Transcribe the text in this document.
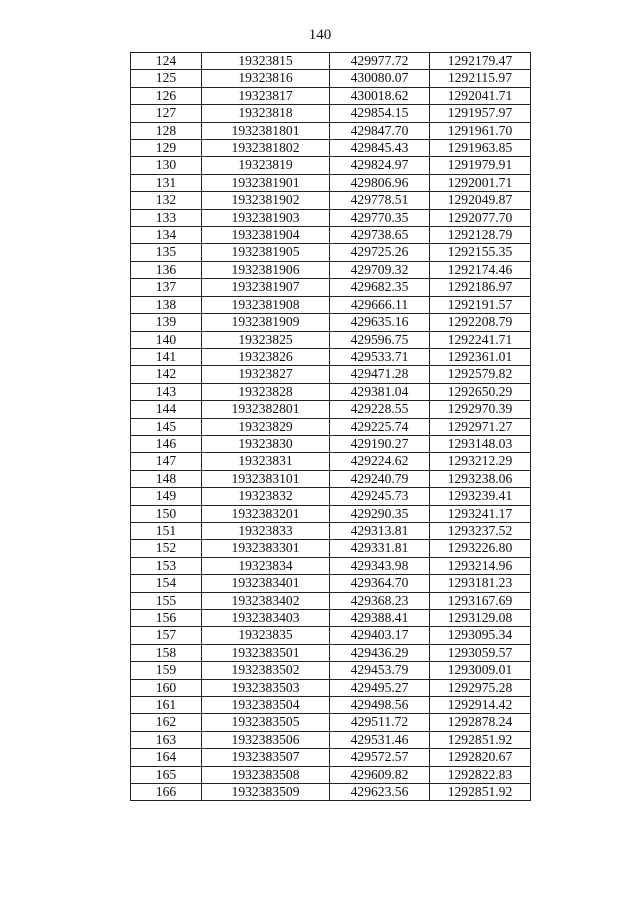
140
124	19323815	429977.72	1292179.47
125	19323816	430080.07	1292115.97
126	19323817	430018.62	1292041.71
127	19323818	429854.15	1291957.97
128	1932381801	429847.70	1291961.70
129	1932381802	429845.43	1291963.85
130	19323819	429824.97	1291979.91
131	1932381901	429806.96	1292001.71
132	1932381902	429778.51	1292049.87
133	1932381903	429770.35	1292077.70
134	1932381904	429738.65	1292128.79
135	1932381905	429725.26	1292155.35
136	1932381906	429709.32	1292174.46
137	1932381907	429682.35	1292186.97
138	1932381908	429666.11	1292191.57
139	1932381909	429635.16	1292208.79
140	19323825	429596.75	1292241.71
141	19323826	429533.71	1292361.01
142	19323827	429471.28	1292579.82
143	19323828	429381.04	1292650.29
144	1932382801	429228.55	1292970.39
145	19323829	429225.74	1292971.27
146	19323830	429190.27	1293148.03
147	19323831	429224.62	1293212.29
148	1932383101	429240.79	1293238.06
149	19323832	429245.73	1293239.41
150	1932383201	429290.35	1293241.17
151	19323833	429313.81	1293237.52
152	1932383301	429331.81	1293226.80
153	19323834	429343.98	1293214.96
154	1932383401	429364.70	1293181.23
155	1932383402	429368.23	1293167.69
156	1932383403	429388.41	1293129.08
157	19323835	429403.17	1293095.34
158	1932383501	429436.29	1293059.57
159	1932383502	429453.79	1293009.01
160	1932383503	429495.27	1292975.28
161	1932383504	429498.56	1292914.42
162	1932383505	429511.72	1292878.24
163	1932383506	429531.46	1292851.92
164	1932383507	429572.57	1292820.67
165	1932383508	429609.82	1292822.83
166	1932383509	429623.56	1292851.92
